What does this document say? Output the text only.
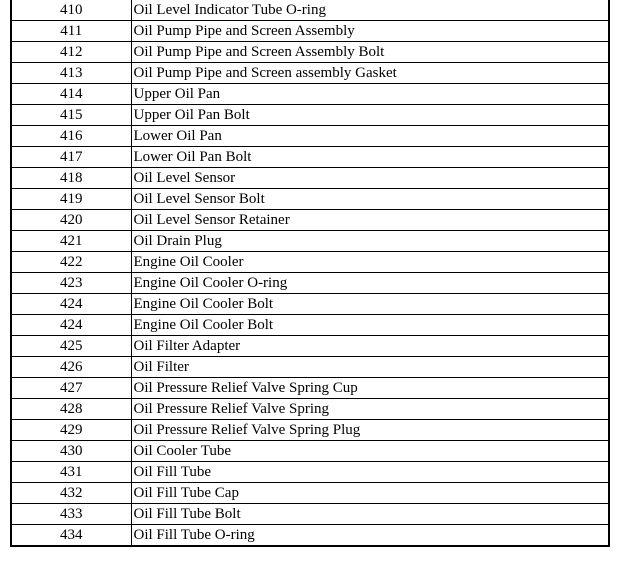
410	Oil Level Indicator Tube O-ring
411	Oil Pump Pipe and Screen Assembly
412	Oil Pump Pipe and Screen Assembly Bolt
413	Oil Pump Pipe and Screen assembly Gasket
414	Upper Oil Pan
415	Upper Oil Pan Bolt
416	Lower Oil Pan
417	Lower Oil Pan Bolt
418	Oil Level Sensor
419	Oil Level Sensor Bolt
420	Oil Level Sensor Retainer
421	Oil Drain Plug
422	Engine Oil Cooler
423	Engine Oil Cooler O-ring
424	Engine Oil Cooler Bolt
424	Engine Oil Cooler Bolt
425	Oil Filter Adapter
426	Oil Filter
427	Oil Pressure Relief Valve Spring Cup
428	Oil Pressure Relief Valve Spring
429	Oil Pressure Relief Valve Spring Plug
430	Oil Cooler Tube
431	Oil Fill Tube
432	Oil Fill Tube Cap
433	Oil Fill Tube Bolt
434	Oil Fill Tube O-ring
